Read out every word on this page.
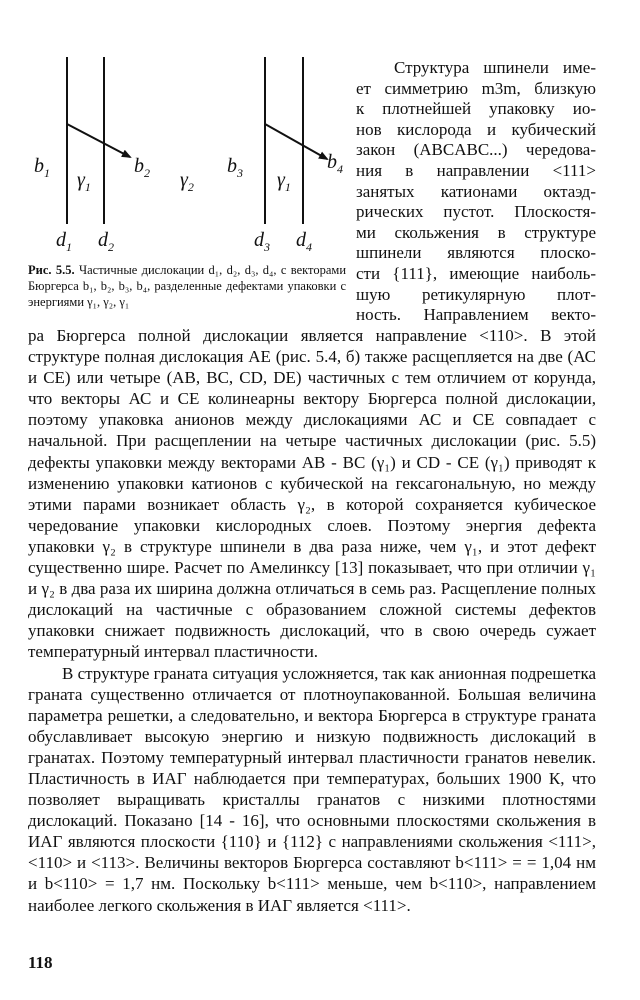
$b_1$	$b_2$
$\gamma_1$	$\gamma_2$
$b_3$ $\gamma_1$
$b_4$
$d_1$ $d_2$	$d_3$ $d_4$
Рис. 5.5. Частичные дислокации d₁, d₂, d₃, d₄, с векторами Бюргерса b₁, b₂, b₃, b₄, разделенные дефектами упаковки с энергиями γ₁, γ₂, γ₁
Структура шпинели име-
ет симметрию m3m, близкую
к плотнейшей упаковку ио-
нов кислорода и кубический
закон (ABCABC...) чередова-
ния в направлении <111>
занятых катионами октаэд-
рических пустот. Плоскостя-
ми скольжения в структуре
шпинели являются плоско-
сти {111}, имеющие наиболь-
шую ретикулярную плот-
ность. Направлением векто-

ра Бюргерса полной дислокации является направление <110>. В этой структуре полная дислокация АЕ (рис. 5.4, б) также расщепляется на две (АС и СЕ) или четыре (AB, BC, CD, DE) частичных с тем отличием от корунда, что векторы АС и СЕ колинеарны вектору Бюргерса полной дислокации, поэтому упаковка анионов между дислокациями АС и СЕ совпадает с начальной. При расщеплении на четыре частичных дислокации (рис. 5.5) дефекты упаковки между векторами AB - BC (γ₁) и CD - CE (γ₁) приводят к изменению упаковки катионов с кубической на гексагональную, но между этими парами возникает область γ₂, в которой сохраняется кубическое чередование упаковки кислородных слоев. Поэтому энергия дефекта упаковки γ₂ в структуре шпинели в два раза ниже, чем γ₁, и этот дефект существенно шире. Расчет по Амелинксу [13] показывает, что при отличии γ₁ и γ₂ в два раза их ширина должна отличаться в семь раз. Расщепление полных дислокаций на частичные с образованием сложной системы дефектов упаковки снижает подвижность дислокаций, что в свою очередь сужает температурный интервал пластичности.

В структуре граната ситуация усложняется, так как анионная подрешетка граната существенно отличается от плотноупакованной. Большая величина параметра решетки, а следовательно, и вектора Бюргерса в структуре граната обуславливает высокую энергию и низкую подвижность дислокаций в гранатах. Поэтому температурный интервал пластичности гранатов невелик. Пластичность в ИАГ наблюдается при температурах, больших 1900 К, что позволяет выращивать кристаллы гранатов с низкими плотностями дислокаций. Показано [14 - 16], что основными плоскостями скольжения в ИАГ являются плоскости {110} и {112} с направлениями скольжения <111>, <110> и <113>. Величины векторов Бюргерса составляют b<111> = = 1,04 нм и b<110> = 1,7 нм. Поскольку b<111> меньше, чем b<110>, направлением наиболее легкого скольжения в ИАГ является <111>.

118
